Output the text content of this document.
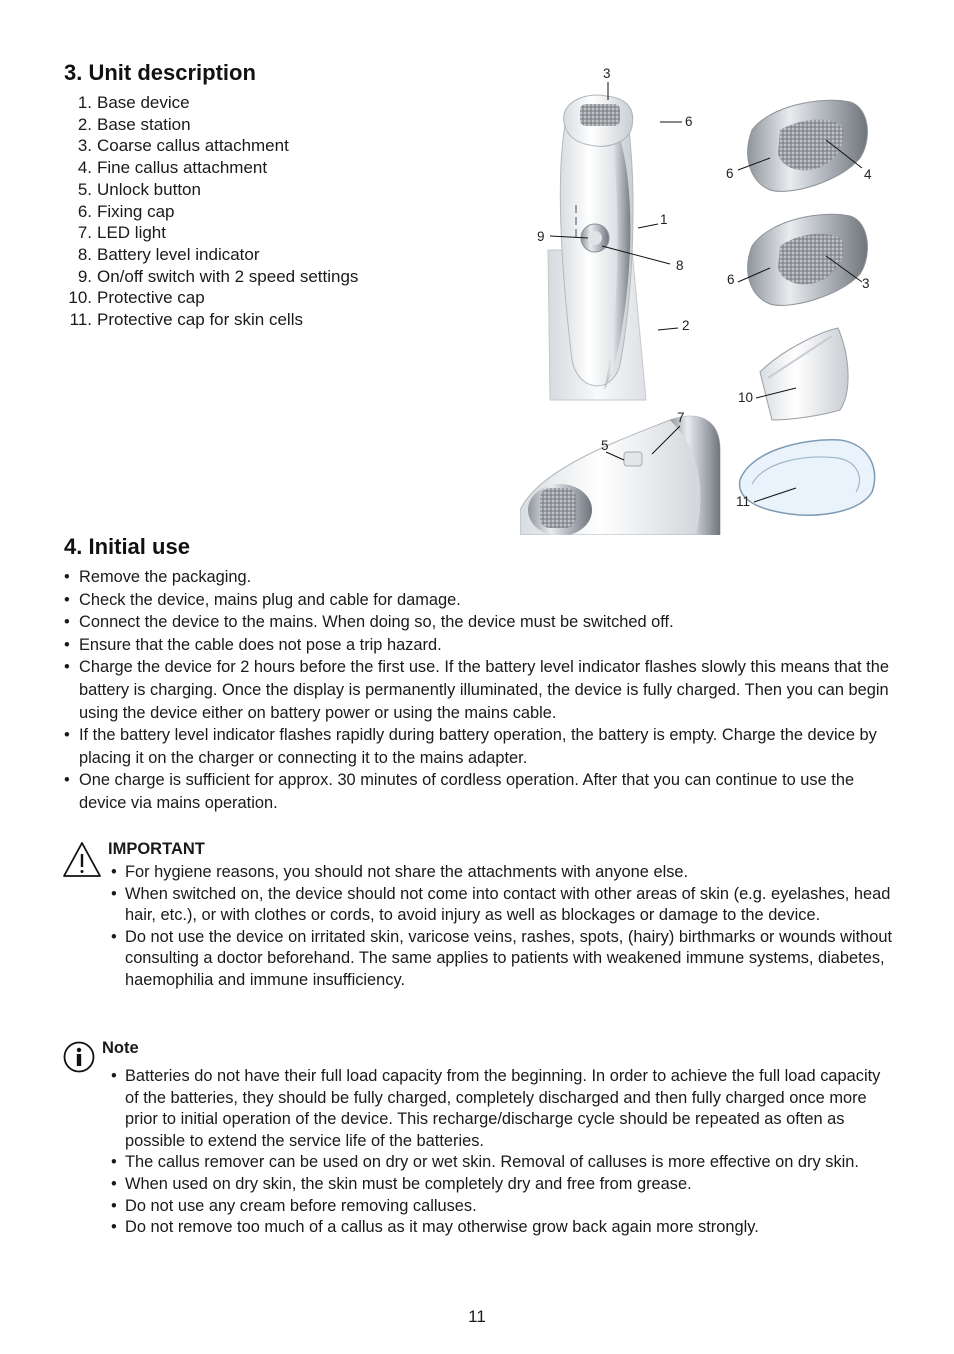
3. Unit description
1. Base device
2. Base station
3. Coarse callus attachment
4. Fine callus attachment
5. Unlock button
6. Fixing cap
7. LED light
8. Battery level indicator
9. On/off switch with 2 speed settings
10. Protective cap
11. Protective cap for skin cells
3
6
1
9
8
2
6	4
6	3
10
7
5
11
4. Initial use
• Remove the packaging.
• Check the device, mains plug and cable for damage.
• Connect the device to the mains. When doing so, the device must be switched off.
• Ensure that the cable does not pose a trip hazard.
• Charge the device for 2 hours before the first use. If the battery level indicator flashes slowly this means that the battery is charging. Once the display is permanently illuminated, the device is fully charged. Then you can begin using the device either on battery power or using the mains cable.
• If the battery level indicator flashes rapidly during battery operation, the battery is empty. Charge the device by placing it on the charger or connecting it to the mains adapter.
• One charge is sufficient for approx. 30 minutes of cordless operation. After that you can continue to use the device via mains operation.
IMPORTANT
• For hygiene reasons, you should not share the attachments with anyone else.
• When switched on, the device should not come into contact with other areas of skin (e.g. eyelashes, head hair, etc.), or with clothes or cords, to avoid injury as well as blockages or damage to the device.
• Do not use the device on irritated skin, varicose veins, rashes, spots, (hairy) birthmarks or wounds without consulting a doctor beforehand. The same applies to patients with weakened immune systems, diabetes, haemophilia and immune insufficiency.
Note
• Batteries do not have their full load capacity from the beginning. In order to achieve the full load capacity of the batteries, they should be fully charged, completely discharged and then fully charged once more prior to initial operation of the device. This recharge/discharge cycle should be repeated as often as possible to extend the service life of the batteries.
• The callus remover can be used on dry or wet skin. Removal of calluses is more effective on dry skin.
• When used on dry skin, the skin must be completely dry and free from grease.
• Do not use any cream before removing calluses.
• Do not remove too much of a callus as it may otherwise grow back again more strongly.
11
